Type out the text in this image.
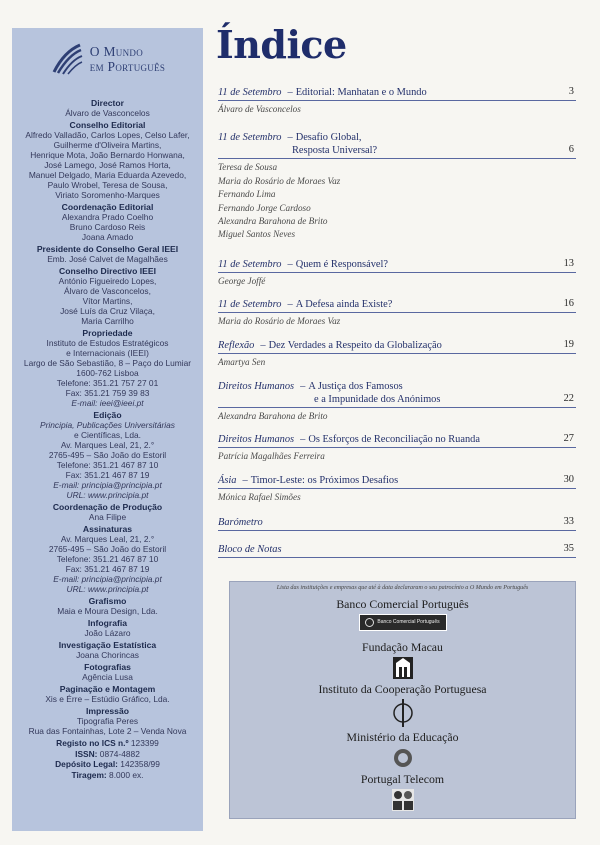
O Mundo
em Português
Director
Álvaro de Vasconcelos
Conselho Editorial
Alfredo Valladão, Carlos Lopes, Celso Lafer,
Guilherme d'Oliveira Martins,
Henrique Mota, João Bernardo Honwana,
José Lamego, José Ramos Horta,
Manuel Delgado, Maria Eduarda Azevedo,
Paulo Wrobel, Teresa de Sousa,
Viriato Soromenho-Marques
Coordenação Editorial
Alexandra Prado Coelho
Bruno Cardoso Reis
Joana Amado
Presidente do Conselho Geral IEEI
Emb. José Calvet de Magalhães
Conselho Directivo IEEI
António Figueiredo Lopes,
Álvaro de Vasconcelos,
Vítor Martins,
José Luís da Cruz Vilaça,
Maria Carrilho
Propriedade
Instituto de Estudos Estratégicos
e Internacionais (IEEI)
Largo de São Sebastião, 8 – Paço do Lumiar
1600-762 Lisboa
Telefone: 351.21 757 27 01
Fax: 351.21 759 39 83
E-mail: ieei@ieei.pt
Edição
Principia, Publicações Universitárias
e Científicas, Lda.
Av. Marques Leal, 21, 2.°
2765-495 – São João do Estoril
Telefone: 351.21 467 87 10
Fax: 351.21 467 87 19
E-mail: principia@principia.pt
URL: www.principia.pt
Coordenação de Produção
Ana Filipe
Assinaturas
Av. Marques Leal, 21, 2.°
2765-495 – São João do Estoril
Telefone: 351.21 467 87 10
Fax: 351.21 467 87 19
E-mail: principia@principia.pt
URL: www.principia.pt
Grafismo
Maia e Moura Design, Lda.
Infografia
João Lázaro
Investigação Estatística
Joana Chorincas
Fotografias
Agência Lusa
Paginação e Montagem
Xis e Érre – Estúdio Gráfico, Lda.
Impressão
Tipografia Peres
Rua das Fontainhas, Lote 2 – Venda Nova
Registo no ICS n.º 123399
ISSN: 0874-4882
Depósito Legal: 142358/99
Tiragem: 8.000 ex.
Índice
11 de Setembro – Editorial: Manhatan e o Mundo	3
Álvaro de Vasconcelos
11 de Setembro – Desafio Global,
Resposta Universal?	6
Teresa de Sousa
Maria do Rosário de Moraes Vaz
Fernando Lima
Fernando Jorge Cardoso
Alexandra Barahona de Brito
Miguel Santos Neves
11 de Setembro – Quem é Responsável?	13
George Joffé
11 de Setembro – A Defesa ainda Existe?	16
Maria do Rosário de Moraes Vaz
Reflexão – Dez Verdades a Respeito da Globalização	19
Amartya Sen
Direitos Humanos – A Justiça dos Famosos
e a Impunidade dos Anónimos	22
Alexandra Barahona de Brito
Direitos Humanos – Os Esforços de Reconciliação no Ruanda	27
Patrícia Magalhães Ferreira
Ásia – Timor-Leste: os Próximos Desafios	30
Mónica Rafael Simões
Barómetro	33
Bloco de Notas	35
Lista das instituições e empresas que até à data declararam o seu patrocínio a O Mundo em Português
Banco Comercial Português
Banco Comercial Português
Fundação Macau
Instituto da Cooperação Portuguesa
Ministério da Educação
Portugal Telecom
